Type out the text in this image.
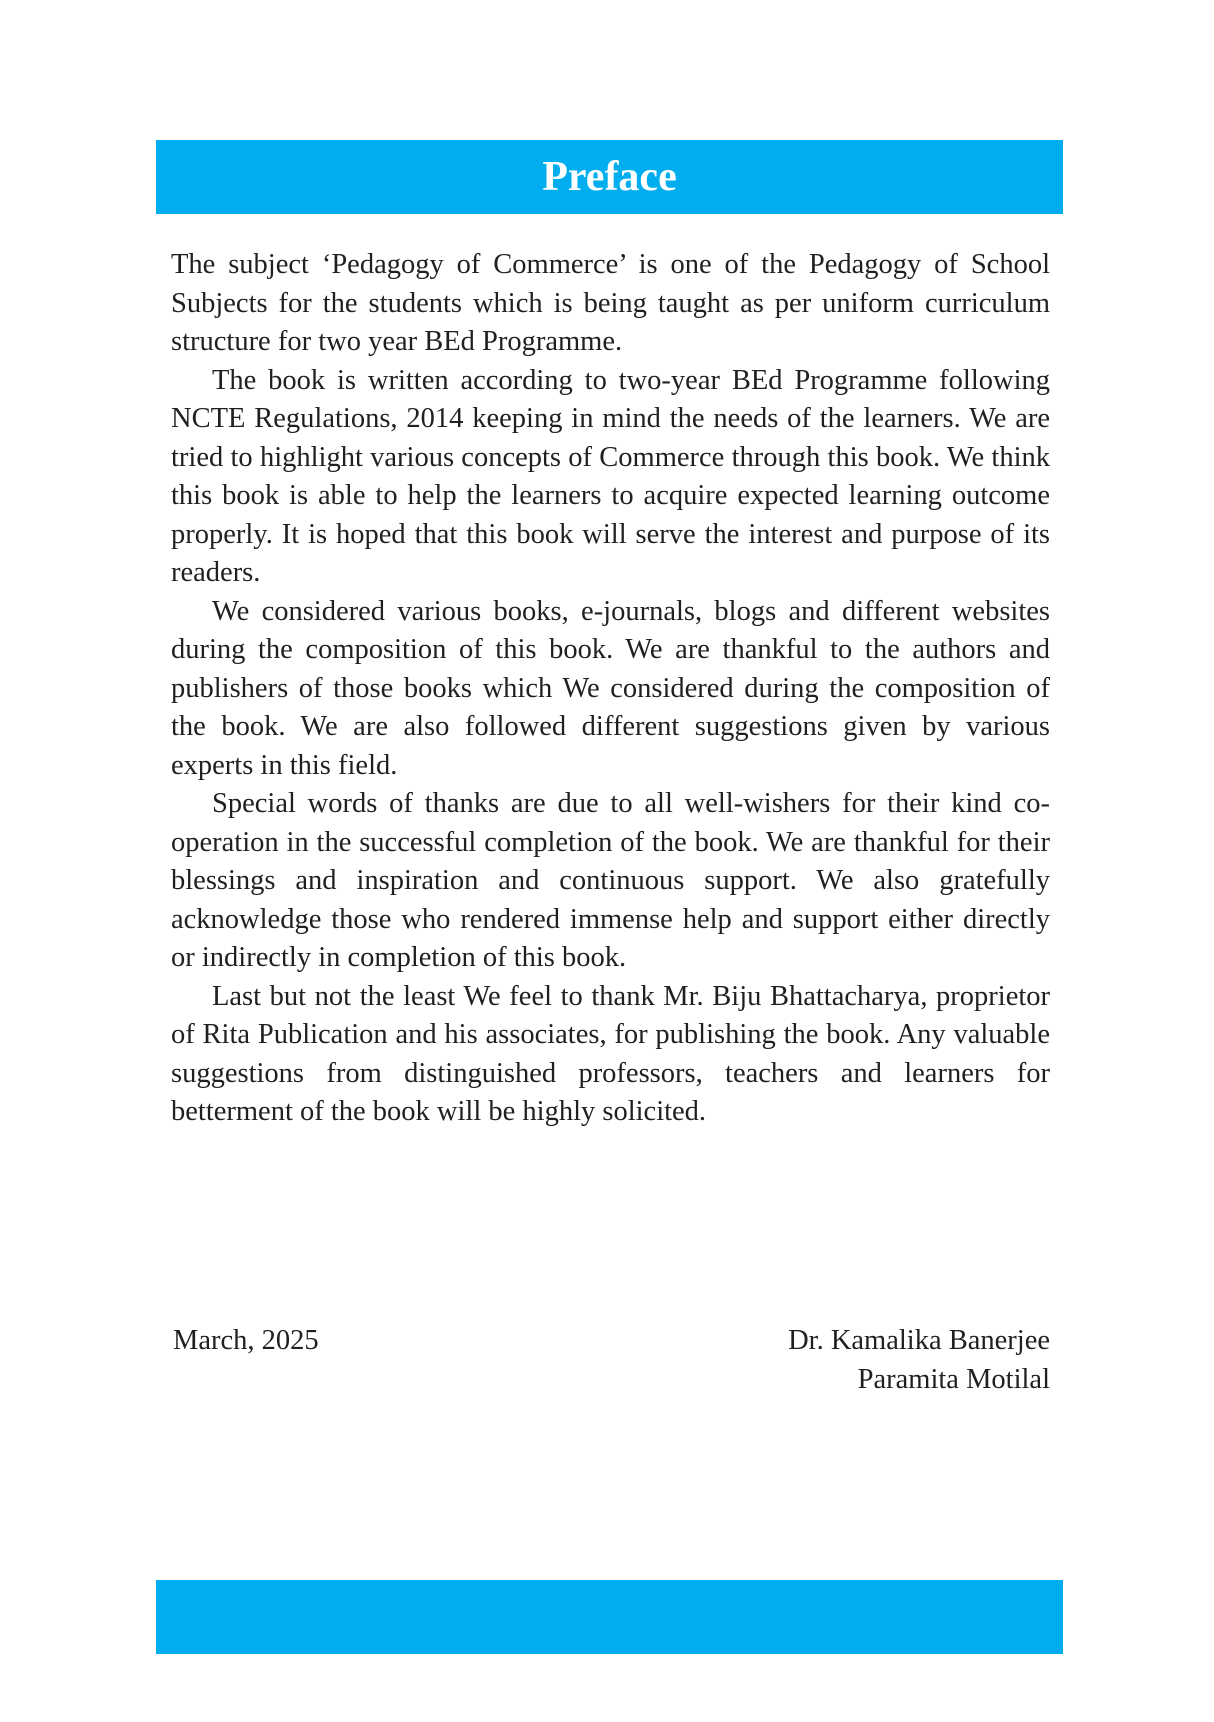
Preface

The subject ‘Pedagogy of Commerce’ is one of the Pedagogy of School Subjects for the students which is being taught as per uniform curriculum structure for two year BEd Programme.

The book is written according to two-year BEd Programme following NCTE Regulations, 2014 keeping in mind the needs of the learners. We are tried to highlight various concepts of Commerce through this book. We think this book is able to help the learners to acquire expected learning outcome properly. It is hoped that this book will serve the interest and purpose of its readers.

We considered various books, e-journals, blogs and different websites during the composition of this book. We are thankful to the authors and publishers of those books which We considered during the composition of the book. We are also followed different suggestions given by various experts in this field.

Special words of thanks are due to all well-wishers for their kind co-operation in the successful completion of the book. We are thankful for their blessings and inspiration and continuous support. We also gratefully acknowledge those who rendered immense help and support either directly or indirectly in completion of this book.

Last but not the least We feel to thank Mr. Biju Bhattacharya, proprietor of Rita Publication and his associates, for publishing the book. Any valuable suggestions from distinguished professors, teachers and learners for betterment of the book will be highly solicited.

March, 2025	Dr. Kamalika Banerjee
Paramita Motilal
